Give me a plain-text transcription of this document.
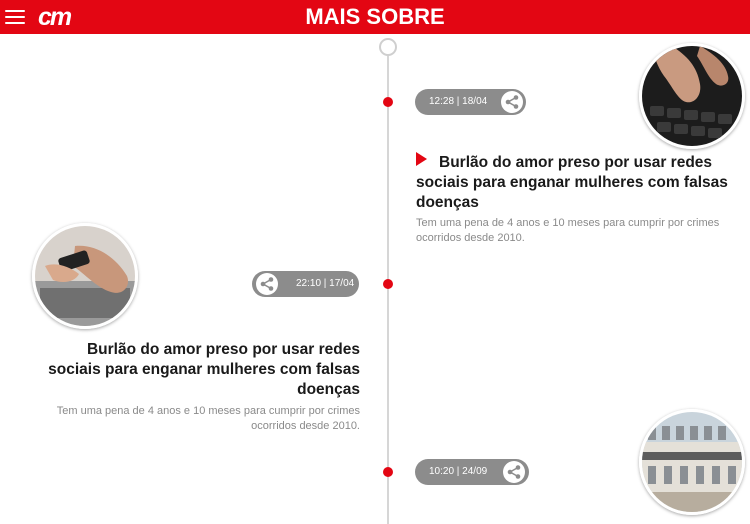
cm	MAIS SOBRE
12:28 | 18/04
Burlão do amor preso por usar redes sociais para enganar mulheres com falsas doenças
Tem uma pena de 4 anos e 10 meses para cumprir por crimes ocorridos desde 2010.
22:10 | 17/04
Burlão do amor preso por usar redes sociais para enganar mulheres com falsas doenças
Tem uma pena de 4 anos e 10 meses para cumprir por crimes ocorridos desde 2010.
10:20 | 24/09
